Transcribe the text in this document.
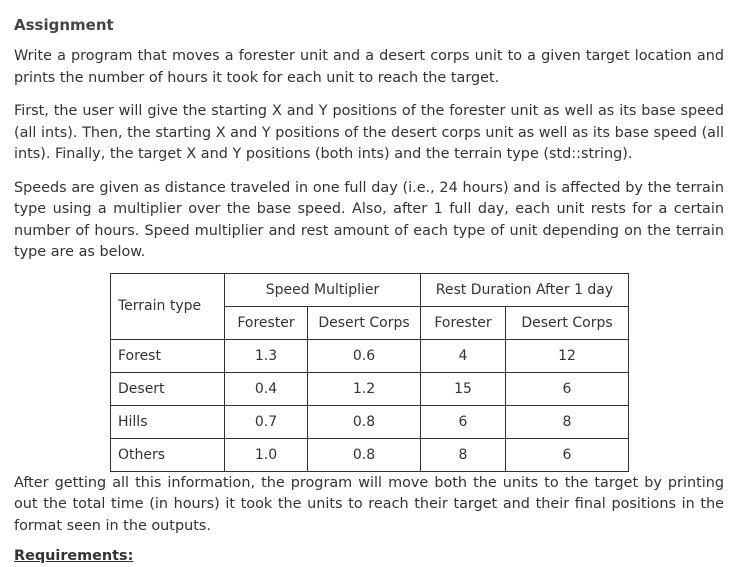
Assignment

Write a program that moves a forester unit and a desert corps unit to a given target location and prints the number of hours it took for each unit to reach the target.

First, the user will give the starting X and Y positions of the forester unit as well as its base speed (all ints). Then, the starting X and Y positions of the desert corps unit as well as its base speed (all ints). Finally, the target X and Y positions (both ints) and the terrain type (std::string).

Speeds are given as distance traveled in one full day (i.e., 24 hours) and is affected by the terrain type using a multiplier over the base speed. Also, after 1 full day, each unit rests for a certain number of hours. Speed multiplier and rest amount of each type of unit depending on the terrain type are as below.

Terrain type	Speed Multiplier		Rest Duration After 1 day	
	Forester	Desert Corps	Forester	Desert Corps
Forest	1.3	0.6	4	12
Desert	0.4	1.2	15	6
Hills	0.7	0.8	6	8
Others	1.0	0.8	8	6

After getting all this information, the program will move both the units to the target by printing out the total time (in hours) it took the units to reach their target and their final positions in the format seen in the outputs.

Requirements:
